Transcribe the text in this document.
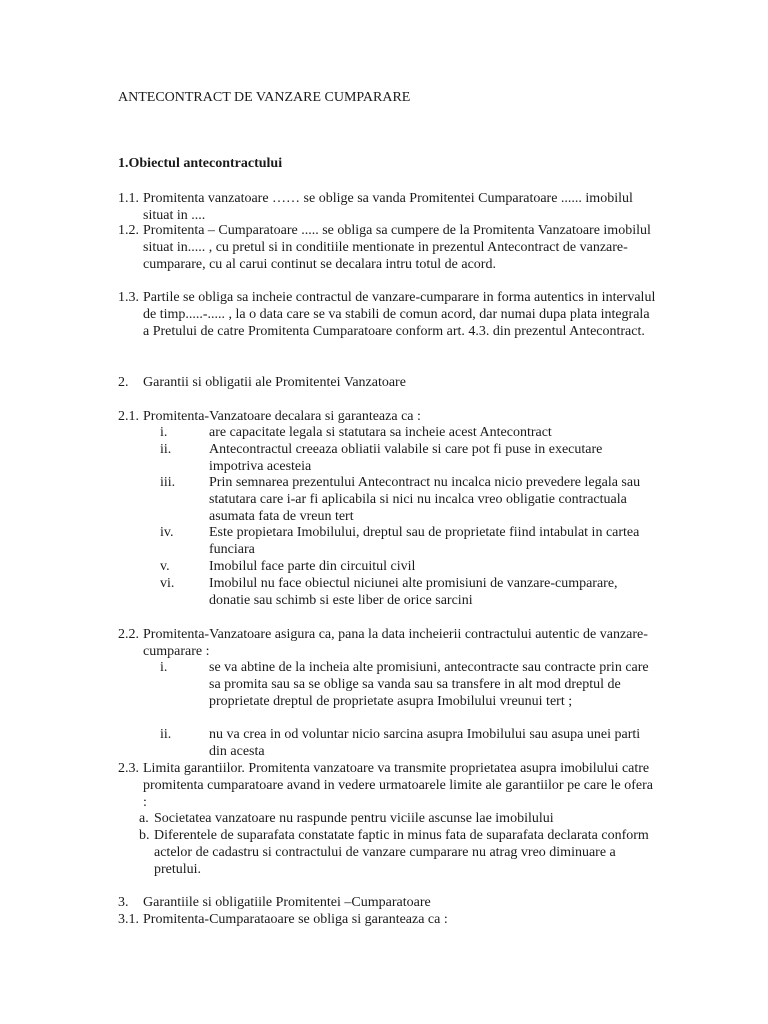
ANTECONTRACT DE VANZARE CUMPARARE
1.Obiectul antecontractului
1.1. Promitenta vanzatoare …… se oblige sa vanda Promitentei Cumparatoare ...... imobilul situat in ....
1.2. Promitenta – Cumparatoare ..... se obliga sa cumpere de la Promitenta Vanzatoare imobilul situat in..... , cu pretul si in conditiile mentionate in prezentul Antecontract de vanzare-cumparare, cu al carui continut se decalara intru totul de acord.
1.3. Partile se obliga sa incheie contractul de vanzare-cumparare in forma autentics in intervalul de timp.....-..... , la o data care se va stabili de comun acord, dar numai dupa plata integrala a Pretului de catre Promitenta Cumparatoare conform art. 4.3. din prezentul Antecontract.
2.	Garantii si obligatii ale Promitentei Vanzatoare
2.1. Promitenta-Vanzatoare decalara si garanteaza ca :
i.	are capacitate legala si statutara sa incheie acest Antecontract
ii.	Antecontractul creeaza obliatii valabile si care pot fi puse in executare impotriva acesteia
iii.	Prin semnarea prezentului Antecontract nu incalca nicio prevedere legala sau statutara care i-ar fi aplicabila si nici nu incalca vreo obligatie contractuala asumata fata de vreun tert
iv.	Este propietara Imobilului, dreptul sau de proprietate fiind intabulat in cartea funciara
v.	Imobilul face parte din circuitul civil
vi.	Imobilul nu face obiectul niciunei alte promisiuni de vanzare-cumparare, donatie sau schimb si este liber de orice sarcini
2.2. Promitenta-Vanzatoare asigura ca, pana la data incheierii contractului autentic de vanzare-cumparare :
i.	se va abtine de la incheia alte promisiuni, antecontracte sau contracte prin care sa promita sau sa se oblige sa vanda sau sa transfere in alt mod dreptul de proprietate dreptul de proprietate asupra Imobilului vreunui tert ;
ii.	nu va crea in od voluntar nicio sarcina asupra Imobilului sau asupa unei parti din acesta
2.3. Limita garantiilor. Promitenta vanzatoare va transmite proprietatea asupra imobilului catre promitenta cumparatoare avand in vedere urmatoarele limite ale garantiilor pe care le ofera :
a. Societatea vanzatoare nu raspunde pentru viciile ascunse lae imobilului
b. Diferentele de suparafata constatate faptic in minus fata de suparafata declarata conform actelor de cadastru si contractului de vanzare cumparare nu atrag vreo diminuare a pretului.
3.	Garantiile si obligatiile Promitentei –Cumparatoare
3.1. Promitenta-Cumparataoare se obliga si garanteaza ca :
